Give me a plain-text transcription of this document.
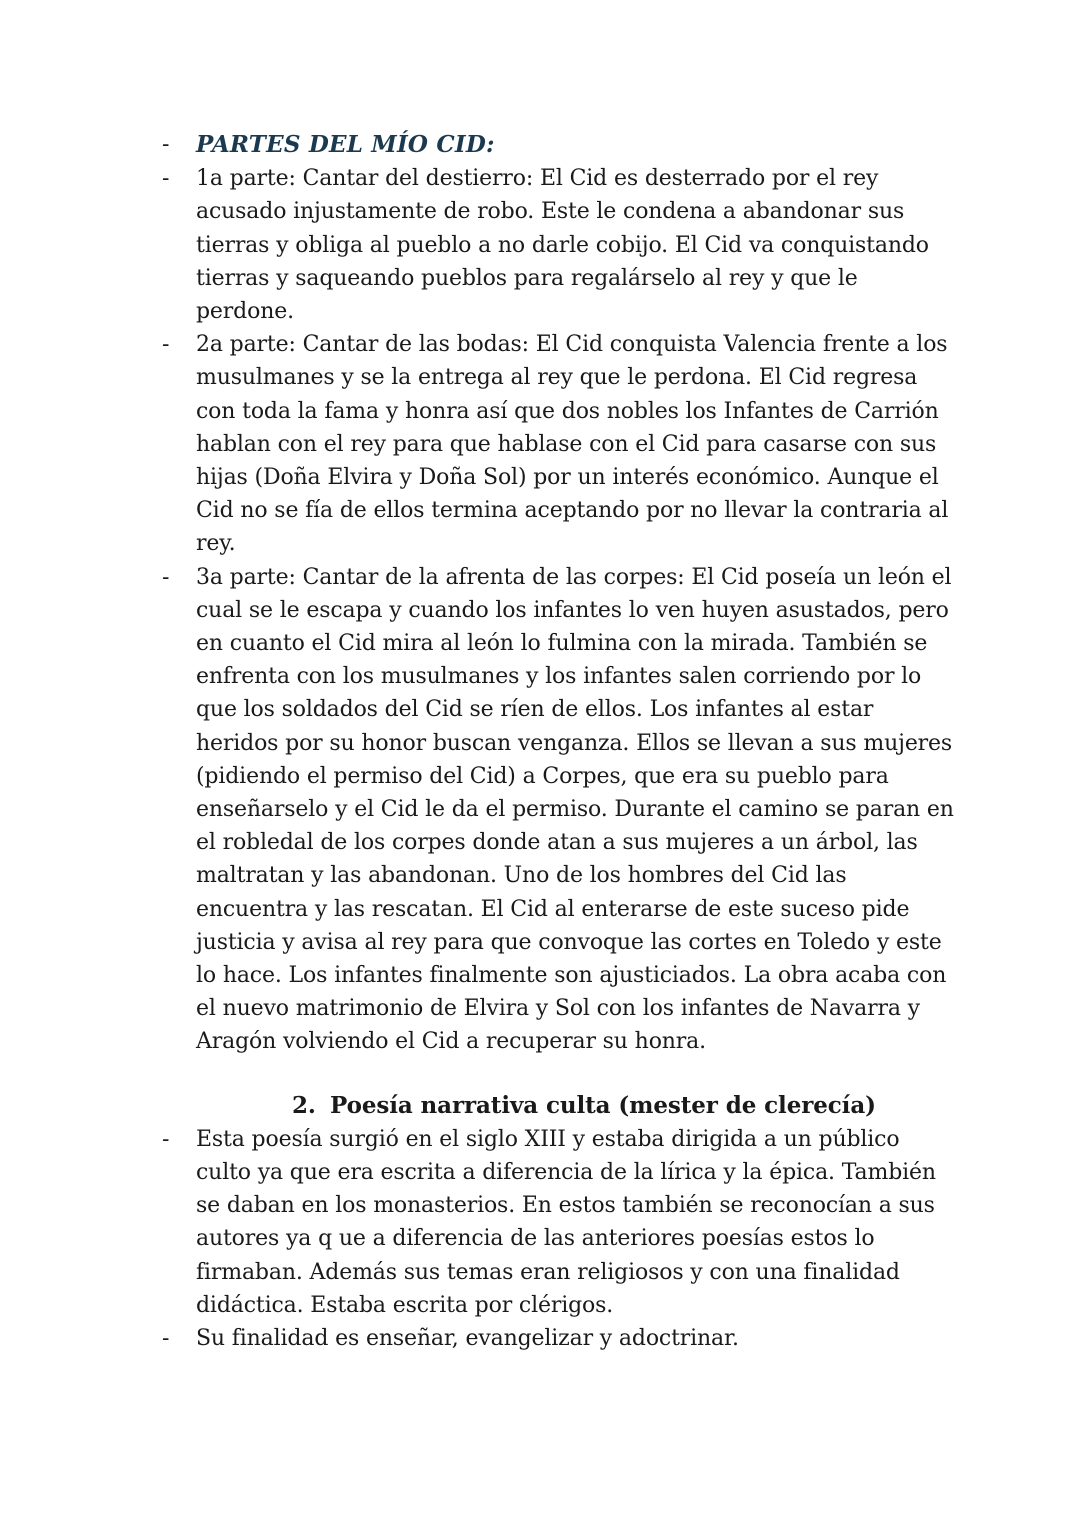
-	PARTES DEL MÍO CID:
-	1a parte: Cantar del destierro: El Cid es desterrado por el rey acusado injustamente de robo. Este le condena a abandonar sus tierras y obliga al pueblo a no darle cobijo. El Cid va conquistando tierras y saqueando pueblos para regalárselo al rey y que le perdone.
-	2a parte: Cantar de las bodas: El Cid conquista Valencia frente a los musulmanes y se la entrega al rey que le perdona. El Cid regresa con toda la fama y honra así que dos nobles los Infantes de Carrión hablan con el rey para que hablase con el Cid para casarse con sus hijas (Doña Elvira y Doña Sol) por un interés económico. Aunque el Cid no se fía de ellos termina aceptando por no llevar la contraria al rey.
-	3a parte: Cantar de la afrenta de las corpes: El Cid poseía un león el cual se le escapa y cuando los infantes lo ven huyen asustados, pero en cuanto el Cid mira al león lo fulmina con la mirada. También se enfrenta con los musulmanes y los infantes salen corriendo por lo que los soldados del Cid se ríen de ellos. Los infantes al estar heridos por su honor buscan venganza. Ellos se llevan a sus mujeres (pidiendo el permiso del Cid) a Corpes, que era su pueblo para enseñarselo y el Cid le da el permiso. Durante el camino se paran en el robledal de los corpes donde atan a sus mujeres a un árbol, las maltratan y las abandonan. Uno de los hombres del Cid las encuentra y las rescatan. El Cid al enterarse de este suceso pide justicia y avisa al rey para que convoque las cortes en Toledo y este lo hace. Los infantes finalmente son ajusticiados. La obra acaba con el nuevo matrimonio de Elvira y Sol con los infantes de Navarra y Aragón volviendo el Cid a recuperar su honra.
2. Poesía narrativa culta (mester de clerecía)
-	Esta poesía surgió en el siglo XIII y estaba dirigida a un público culto ya que era escrita a diferencia de la lírica y la épica. También se daban en los monasterios. En estos también se reconocían a sus autores ya q ue a diferencia de las anteriores poesías estos lo firmaban. Además sus temas eran religiosos y con una finalidad didáctica. Estaba escrita por clérigos.
-	Su finalidad es enseñar, evangelizar y adoctrinar.
